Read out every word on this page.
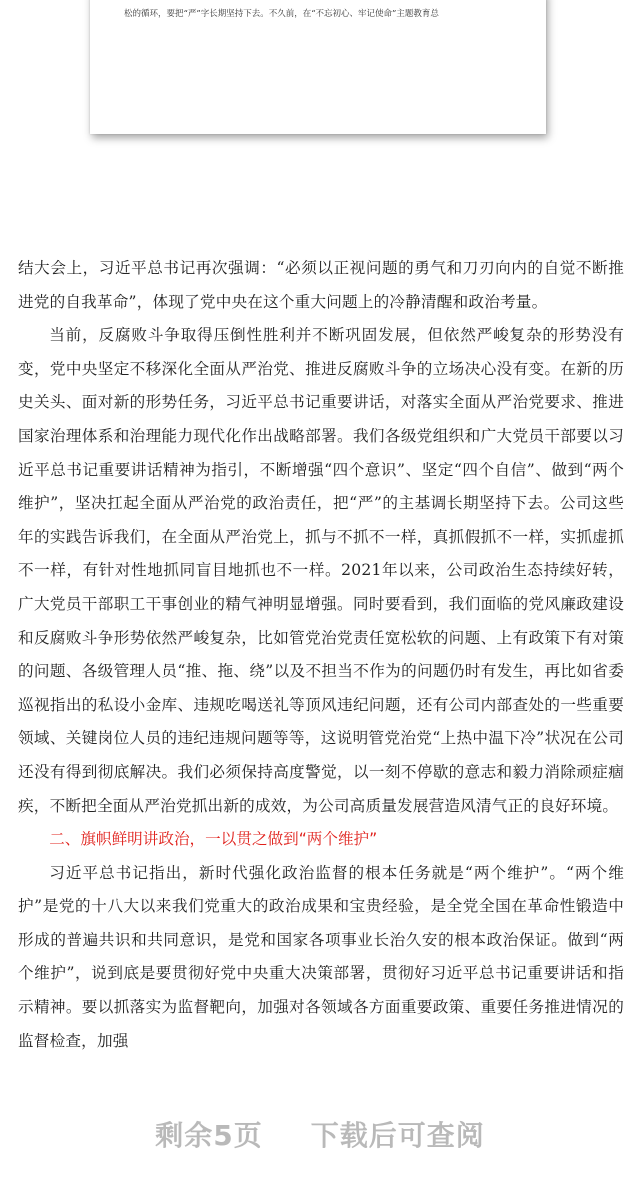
松的循环，要把“严”字长期坚持下去。不久前，在“不忘初心、牢记使命”主题教育总

结大会上，习近平总书记再次强调：“必须以正视问题的勇气和刀刃向内的自觉不断推进党的自我革命”，体现了党中央在这个重大问题上的冷静清醒和政治考量。

当前，反腐败斗争取得压倒性胜利并不断巩固发展，但依然严峻复杂的形势没有变，党中央坚定不移深化全面从严治党、推进反腐败斗争的立场决心没有变。在新的历史关头、面对新的形势任务，习近平总书记重要讲话，对落实全面从严治党要求、推进国家治理体系和治理能力现代化作出战略部署。我们各级党组织和广大党员干部要以习近平总书记重要讲话精神为指引，不断增强“四个意识”、坚定“四个自信”、做到“两个维护”，坚决扛起全面从严治党的政治责任，把“严”的主基调长期坚持下去。公司这些年的实践告诉我们，在全面从严治党上，抓与不抓不一样，真抓假抓不一样，实抓虚抓不一样，有针对性地抓同盲目地抓也不一样。2021年以来，公司政治生态持续好转，广大党员干部职工干事创业的精气神明显增强。同时要看到，我们面临的党风廉政建设和反腐败斗争形势依然严峻复杂，比如管党治党责任宽松软的问题、上有政策下有对策的问题、各级管理人员“推、拖、绕”以及不担当不作为的问题仍时有发生，再比如省委巡视指出的私设小金库、违规吃喝送礼等顶风违纪问题，还有公司内部查处的一些重要领域、关键岗位人员的违纪违规问题等等，这说明管党治党“上热中温下冷”状况在公司还没有得到彻底解决。我们必须保持高度警觉，以一刻不停歇的意志和毅力消除顽症痼疾，不断把全面从严治党抓出新的成效，为公司高质量发展营造风清气正的良好环境。

二、旗帜鲜明讲政治，一以贯之做到“两个维护”

习近平总书记指出，新时代强化政治监督的根本任务就是“两个维护”。“两个维护”是党的十八大以来我们党重大的政治成果和宝贵经验，是全党全国在革命性锻造中形成的普遍共识和共同意识，是党和国家各项事业长治久安的根本政治保证。做到“两个维护”，说到底是要贯彻好党中央重大决策部署，贯彻好习近平总书记重要讲话和指示精神。要以抓落实为监督靶向，加强对各领域各方面重要政策、重要任务推进情况的监督检查，加强

剩余5页 下载后可查阅
